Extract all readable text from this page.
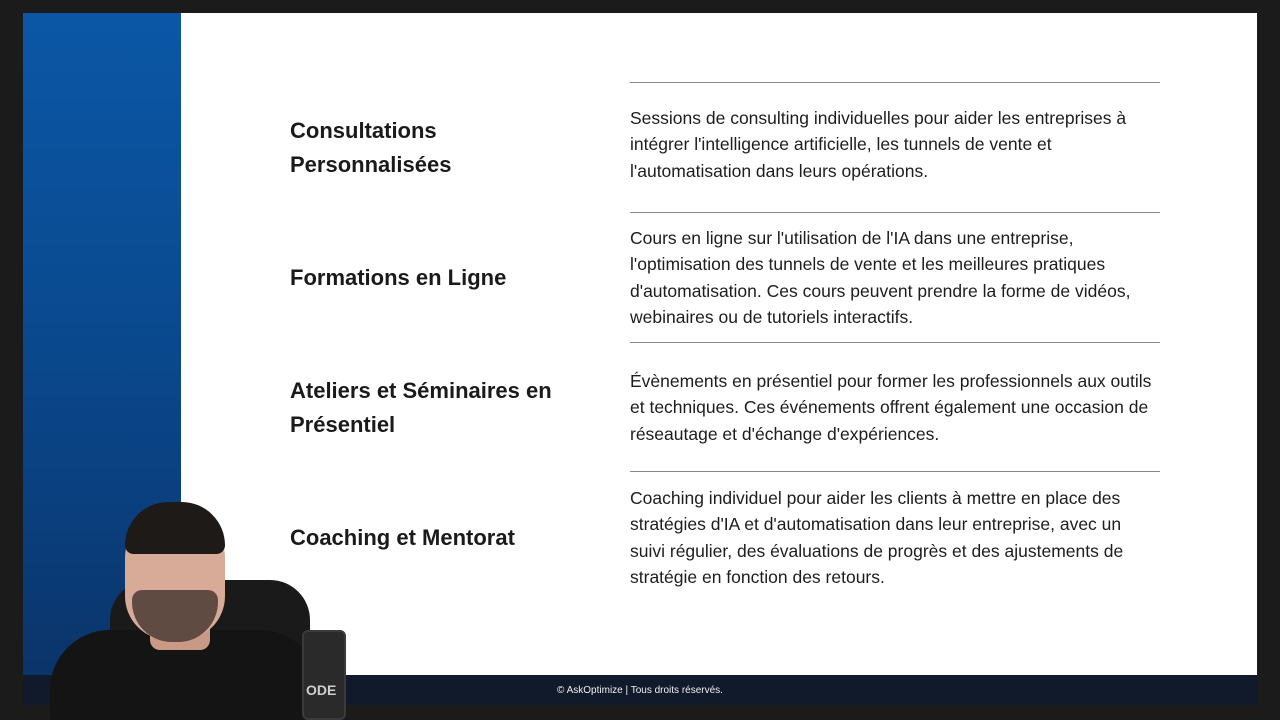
Consultations Personnalisées
Sessions de consulting individuelles pour aider les entreprises à intégrer l'intelligence artificielle, les tunnels de vente et l'automatisation dans leurs opérations.
Formations en Ligne
Cours en ligne sur l'utilisation de l'IA dans une entreprise, l'optimisation des tunnels de vente et les meilleures pratiques d'automatisation. Ces cours peuvent prendre la forme de vidéos, webinaires ou de tutoriels interactifs.
Ateliers et Séminaires en Présentiel
Évènements en présentiel pour former les professionnels aux outils et techniques. Ces événements offrent également une occasion de réseautage et d'échange d'expériences.
Coaching et Mentorat
Coaching individuel pour aider les clients à mettre en place des stratégies d'IA et d'automatisation dans leur entreprise, avec un suivi régulier, des évaluations de progrès et des ajustements de stratégie en fonction des retours.
© AskOptimize | Tous droits réservés.
ODE
